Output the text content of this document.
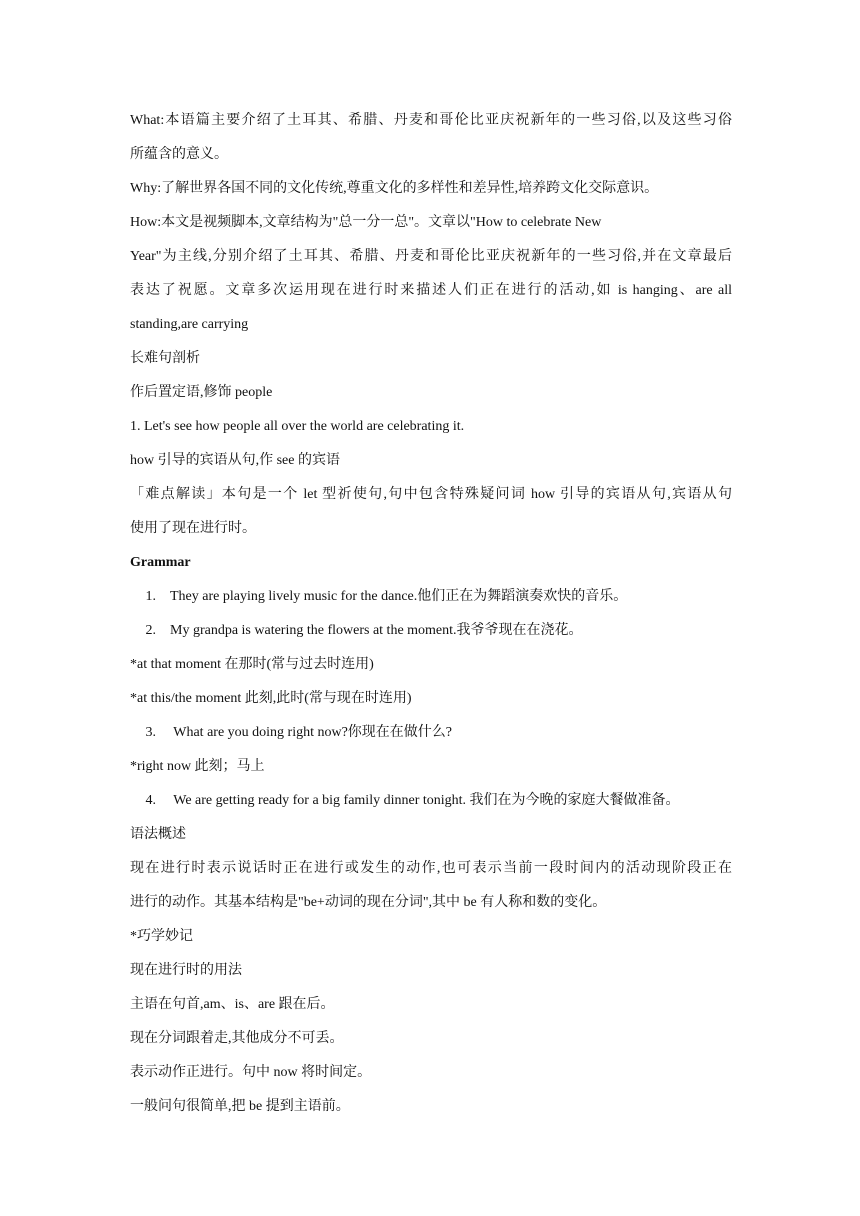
What:本语篇主要介绍了土耳其、希腊、丹麦和哥伦比亚庆祝新年的一些习俗,以及这些习俗

所蕴含的意义。

Why:了解世界各国不同的文化传统,尊重文化的多样性和差异性,培养跨文化交际意识。

How:本文是视频脚本,文章结构为"总一分一总"。文章以"How to celebrate New

Year"为主线,分别介绍了土耳其、希腊、丹麦和哥伦比亚庆祝新年的一些习俗,并在文章最后

表达了祝愿。文章多次运用现在进行时来描述人们正在进行的活动,如 is hanging、are all

standing,are carrying

长难句剖析

作后置定语,修饰 people

1. Let's see how people all over the world are celebrating it.

how 引导的宾语从句,作 see 的宾语

「难点解读」本句是一个 let 型祈使句,句中包含特殊疑问词 how 引导的宾语从句,宾语从句

使用了现在进行时。

Grammar

1. They are playing lively music for the dance.他们正在为舞蹈演奏欢快的音乐。

2. My grandpa is watering the flowers at the moment.我爷爷现在在浇花。

*at that moment 在那时(常与过去时连用)

*at this/the moment 此刻,此时(常与现在时连用)

3. What are you doing right now?你现在在做什么?

*right now 此刻；马上

4. We are getting ready for a big family dinner tonight. 我们在为今晚的家庭大餐做准备。

语法概述

现在进行时表示说话时正在进行或发生的动作,也可表示当前一段时间内的活动现阶段正在

进行的动作。其基本结构是"be+动词的现在分词",其中 be 有人称和数的变化。

*巧学妙记

现在进行时的用法

主语在句首,am、is、are 跟在后。

现在分词跟着走,其他成分不可丢。

表示动作正进行。句中 now 将时间定。

一般问句很简单,把 be 提到主语前。
